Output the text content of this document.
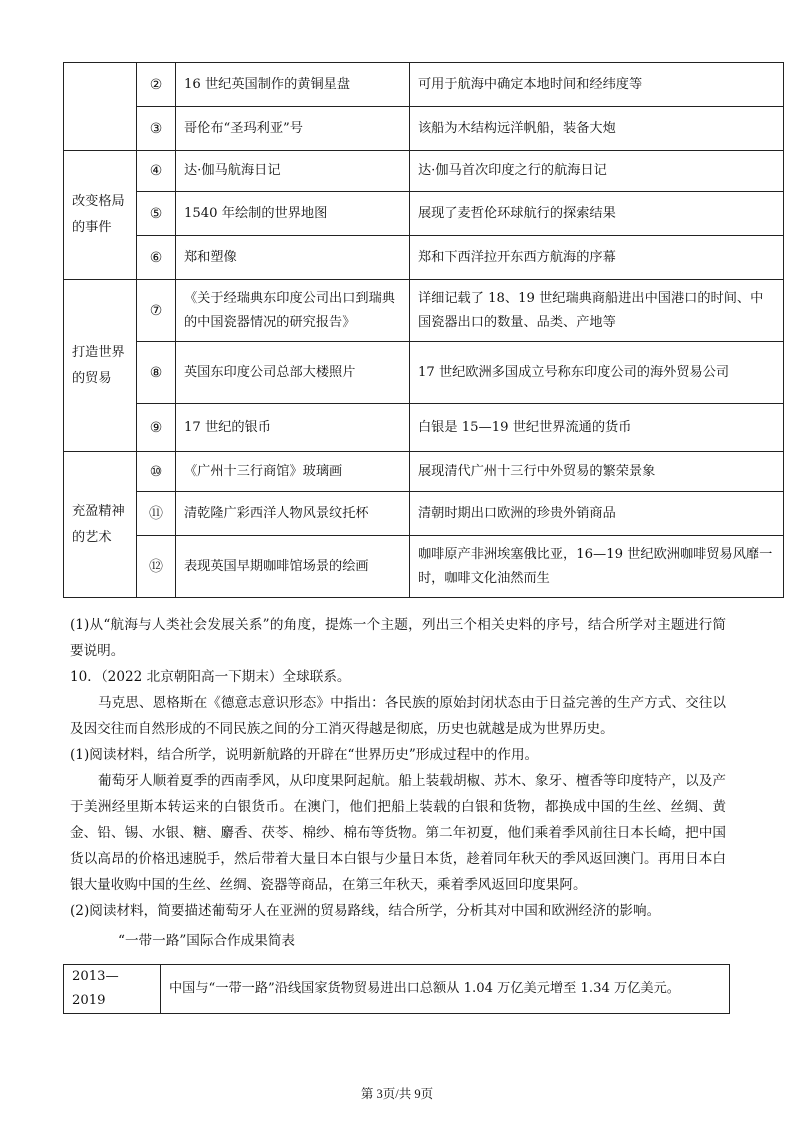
	②	16 世纪英国制作的黄铜星盘	可用于航海中确定本地时间和经纬度等
	③	哥伦布“圣玛利亚”号	该船为木结构远洋帆船，装备大炮
改变格局的事件	④	达·伽马航海日记	达·伽马首次印度之行的航海日记
	⑤	1540 年绘制的世界地图	展现了麦哲伦环球航行的探索结果
	⑥	郑和塑像	郑和下西洋拉开东西方航海的序幕
打造世界的贸易	⑦	《关于经瑞典东印度公司出口到瑞典的中国瓷器情况的研究报告》	详细记载了 18、19 世纪瑞典商船进出中国港口的时间、中国瓷器出口的数量、品类、产地等
	⑧	英国东印度公司总部大楼照片	17 世纪欧洲多国成立号称东印度公司的海外贸易公司
	⑨	17 世纪的银币	白银是 15—19 世纪世界流通的货币
充盈精神的艺术	⑩	《广州十三行商馆》玻璃画	展现清代广州十三行中外贸易的繁荣景象
	⑪	清乾隆广彩西洋人物风景纹托杯	清朝时期出口欧洲的珍贵外销商品
	⑫	表现英国早期咖啡馆场景的绘画	咖啡原产非洲埃塞俄比亚，16—19 世纪欧洲咖啡贸易风靡一时，咖啡文化油然而生
(1)从“航海与人类社会发展关系”的角度，提炼一个主题，列出三个相关史料的序号，结合所学对主题进行简要说明。
10．（2022 北京朝阳高一下期末）全球联系。
马克思、恩格斯在《德意志意识形态》中指出：各民族的原始封闭状态由于日益完善的生产方式、交往以及因交往而自然形成的不同民族之间的分工消灭得越是彻底，历史也就越是成为世界历史。
(1)阅读材料，结合所学，说明新航路的开辟在“世界历史”形成过程中的作用。
葡萄牙人顺着夏季的西南季风，从印度果阿起航。船上装载胡椒、苏木、象牙、檀香等印度特产，以及产于美洲经里斯本转运来的白银货币。在澳门，他们把船上装载的白银和货物，都换成中国的生丝、丝绸、黄金、铅、锡、水银、糖、麝香、茯苓、棉纱、棉布等货物。第二年初夏，他们乘着季风前往日本长崎，把中国货以高昂的价格迅速脱手，然后带着大量日本白银与少量日本货，趁着同年秋天的季风返回澳门。再用日本白银大量收购中国的生丝、丝绸、瓷器等商品，在第三年秋天，乘着季风返回印度果阿。
(2)阅读材料，简要描述葡萄牙人在亚洲的贸易路线，结合所学，分析其对中国和欧洲经济的影响。
“一带一路”国际合作成果简表
2013—2019	中国与“一带一路”沿线国家货物贸易进出口总额从 1.04 万亿美元增至 1.34 万亿美元。
第 3页/共 9页
